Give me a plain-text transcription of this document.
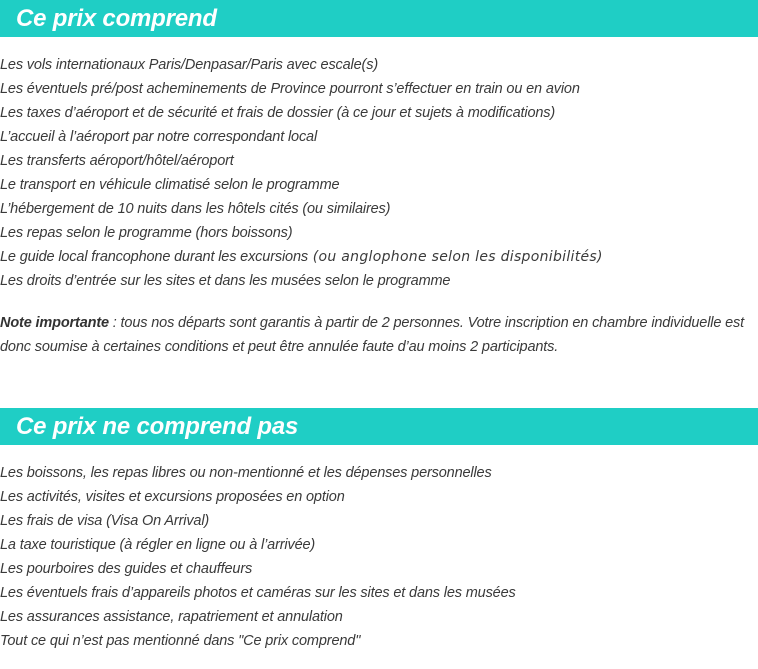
Ce prix comprend
Les vols internationaux Paris/Denpasar/Paris avec escale(s)
Les éventuels pré/post acheminements de Province pourront s’effectuer en train ou en avion
Les taxes d’aéroport et de sécurité et frais de dossier (à ce jour et sujets à modifications)
L’accueil à l’aéroport par notre correspondant local
Les transferts aéroport/hôtel/aéroport
Le transport en véhicule climatisé selon le programme
L’hébergement de 10 nuits dans les hôtels cités (ou similaires)
Les repas selon le programme (hors boissons)
Le guide local francophone durant les excursions (ou anglophone selon les disponibilités)
Les droits d’entrée sur les sites et dans les musées selon le programme

Note importante : tous nos départs sont garantis à partir de 2 personnes. Votre inscription en chambre individuelle est donc soumise à certaines conditions et peut être annulée faute d’au moins 2 participants.

Ce prix ne comprend pas
Les boissons, les repas libres ou non-mentionné et les dépenses personnelles
Les activités, visites et excursions proposées en option
Les frais de visa (Visa On Arrival)
La taxe touristique (à régler en ligne ou à l’arrivée)
Les pourboires des guides et chauffeurs
Les éventuels frais d’appareils photos et caméras sur les sites et dans les musées
Les assurances assistance, rapatriement et annulation
Tout ce qui n’est pas mentionné dans "Ce prix comprend"
